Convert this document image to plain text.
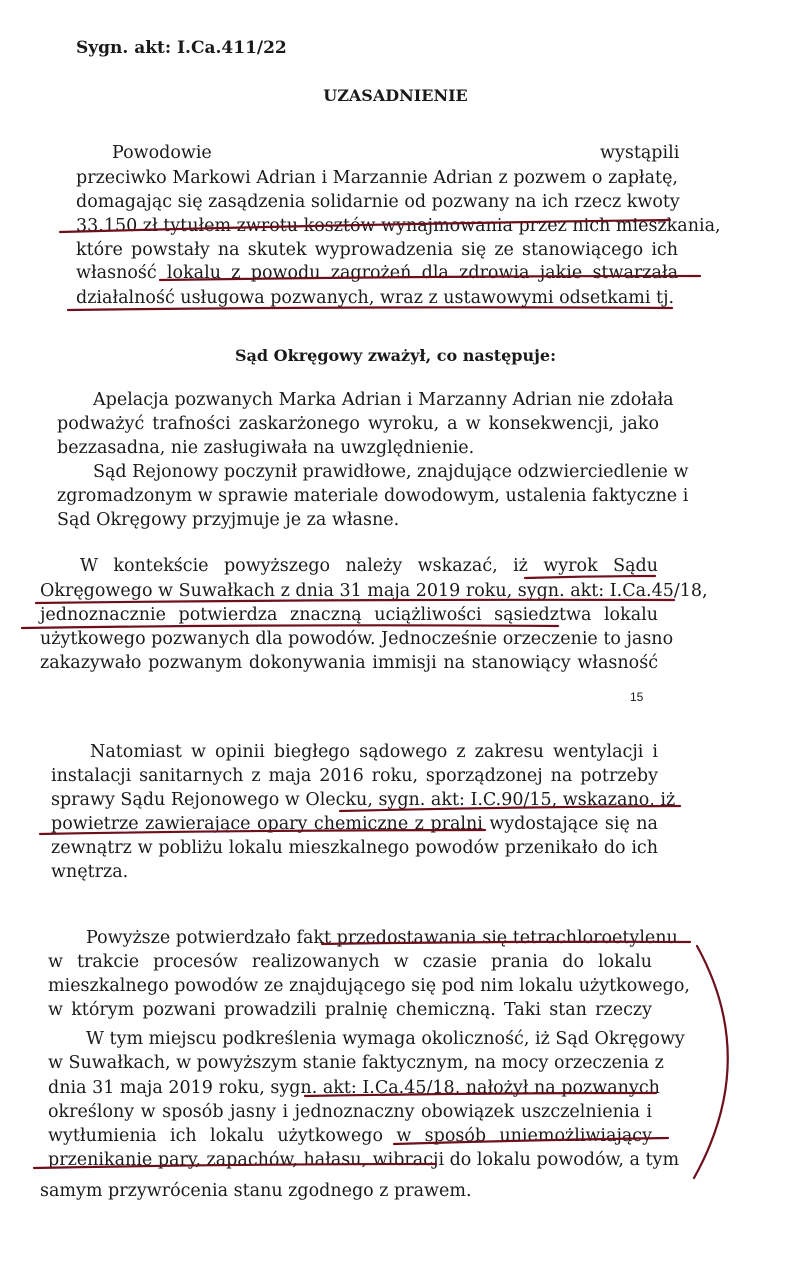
Sygn. akt: I.Ca.411/22

UZASADNIENIE

Powodowie	wystąpili

przeciwko Markowi Adrian i Marzannie Adrian z pozwem o zapłatę,

domagając się zasądzenia solidarnie od pozwany na ich rzecz kwoty

33.150 zł tytułem zwrotu kosztów wynajmowania przez nich mieszkania,

które powstały na skutek wyprowadzenia się ze stanowiącego ich

własność lokalu z powodu zagrożeń dla zdrowia jakie stwarzała

działalność usługowa pozwanych, wraz z ustawowymi odsetkami tj.

Sąd Okręgowy zważył, co następuje:

Apelacja pozwanych Marka Adrian i Marzanny Adrian nie zdołała

podważyć trafności zaskarżonego wyroku, a w konsekwencji, jako

bezzasadna, nie zasługiwała na uwzględnienie.

Sąd Rejonowy poczynił prawidłowe, znajdujące odzwierciedlenie w

zgromadzonym w sprawie materiale dowodowym, ustalenia faktyczne i

Sąd Okręgowy przyjmuje je za własne.

W kontekście powyższego należy wskazać, iż wyrok Sądu

Okręgowego w Suwałkach z dnia 31 maja 2019 roku, sygn. akt: I.Ca.45/18,

jednoznacznie potwierdza znaczną uciążliwości sąsiedztwa lokalu

użytkowego pozwanych dla powodów. Jednocześnie orzeczenie to jasno

zakazywało pozwanym dokonywania immisji na stanowiący własność

15

Natomiast w opinii biegłego sądowego z zakresu wentylacji i

instalacji sanitarnych z maja 2016 roku, sporządzonej na potrzeby

sprawy Sądu Rejonowego w Olecku, sygn. akt: I.C.90/15, wskazano, iż

powietrze zawierające opary chemiczne z pralni wydostające się na

zewnątrz w pobliżu lokalu mieszkalnego powodów przenikało do ich

wnętrza.

Powyższe potwierdzało fakt przedostawania się tetrachloroetylenu

w trakcie procesów realizowanych w czasie prania do lokalu

mieszkalnego powodów ze znajdującego się pod nim lokalu użytkowego,

w którym pozwani prowadzili pralnię chemiczną. Taki stan rzeczy

W tym miejscu podkreślenia wymaga okoliczność, iż Sąd Okręgowy

w Suwałkach, w powyższym stanie faktycznym, na mocy orzeczenia z

dnia 31 maja 2019 roku, sygn. akt: I.Ca.45/18, nałożył na pozwanych

określony w sposób jasny i jednoznaczny obowiązek uszczelnienia i

wytłumienia ich lokalu użytkowego w sposób uniemożliwiający

przenikanie pary, zapachów, hałasu, wibracji do lokalu powodów, a tym

samym przywrócenia stanu zgodnego z prawem.
